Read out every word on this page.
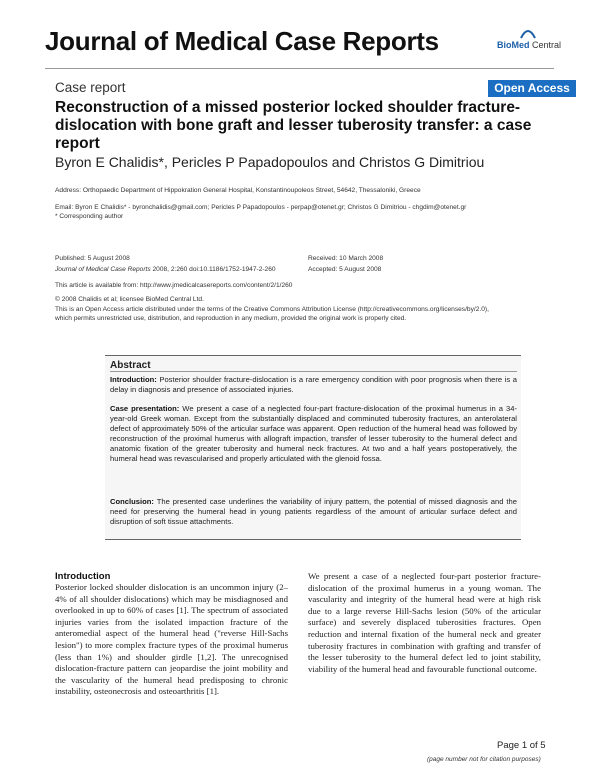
Journal of Medical Case Reports	BioMed Central
Case report	Open Access
Reconstruction of a missed posterior locked shoulder fracture-dislocation with bone graft and lesser tuberosity transfer: a case report
Byron E Chalidis*, Pericles P Papadopoulos and Christos G Dimitriou
Address: Orthopaedic Department of Hippokration General Hospital, Konstantinoupoleos Street, 54642, Thessaloniki, Greece
Email: Byron E Chalidis* - byronchalidis@gmail.com; Pericles P Papadopoulos - perpap@otenet.gr; Christos G Dimitriou - chgdim@otenet.gr
* Corresponding author
Published: 5 August 2008	Received: 10 March 2008
Journal of Medical Case Reports 2008, 2:260 doi:10.1186/1752-1947-2-260	Accepted: 5 August 2008
This article is available from: http://www.jmedicalcasereports.com/content/2/1/260
© 2008 Chalidis et al; licensee BioMed Central Ltd.
This is an Open Access article distributed under the terms of the Creative Commons Attribution License (http://creativecommons.org/licenses/by/2.0),
which permits unrestricted use, distribution, and reproduction in any medium, provided the original work is properly cited.
Abstract
Introduction: Posterior shoulder fracture-dislocation is a rare emergency condition with poor prognosis when there is a delay in diagnosis and presence of associated injuries.
Case presentation: We present a case of a neglected four-part fracture-dislocation of the proximal humerus in a 34-year-old Greek woman. Except from the substantially displaced and comminuted tuberosity fractures, an anterolateral defect of approximately 50% of the articular surface was apparent. Open reduction of the humeral head was followed by reconstruction of the proximal humerus with allograft impaction, transfer of lesser tuberosity to the humeral defect and anatomic fixation of the greater tuberosity and humeral neck fractures. At two and a half years postoperatively, the humeral head was revascularised and properly articulated with the glenoid fossa.
Conclusion: The presented case underlines the variability of injury pattern, the potential of missed diagnosis and the need for preserving the humeral head in young patients regardless of the amount of articular surface defect and disruption of soft tissue attachments.
Introduction
Posterior locked shoulder dislocation is an uncommon injury (2–4% of all shoulder dislocations) which may be misdiagnosed and overlooked in up to 60% of cases [1]. The spectrum of associated injuries varies from the isolated impaction fracture of the anteromedial aspect of the humeral head ("reverse Hill-Sachs lesion") to more complex fracture types of the proximal humerus (less than 1%) and shoulder girdle [1,2]. The unrecognised dislocation-fracture pattern can jeopardise the joint mobility and the vascularity of the humeral head predisposing to chronic instability, osteonecrosis and osteoarthritis [1].
We present a case of a neglected four-part posterior fracture-dislocation of the proximal humerus in a young woman. The vascularity and integrity of the humeral head were at high risk due to a large reverse Hill-Sachs lesion (50% of the articular surface) and severely displaced tuberosities fractures. Open reduction and internal fixation of the humeral neck and greater tuberosity fractures in combination with grafting and transfer of the lesser tuberosity to the humeral defect led to joint stability, viability of the humeral head and favourable functional outcome.
Page 1 of 5
(page number not for citation purposes)
